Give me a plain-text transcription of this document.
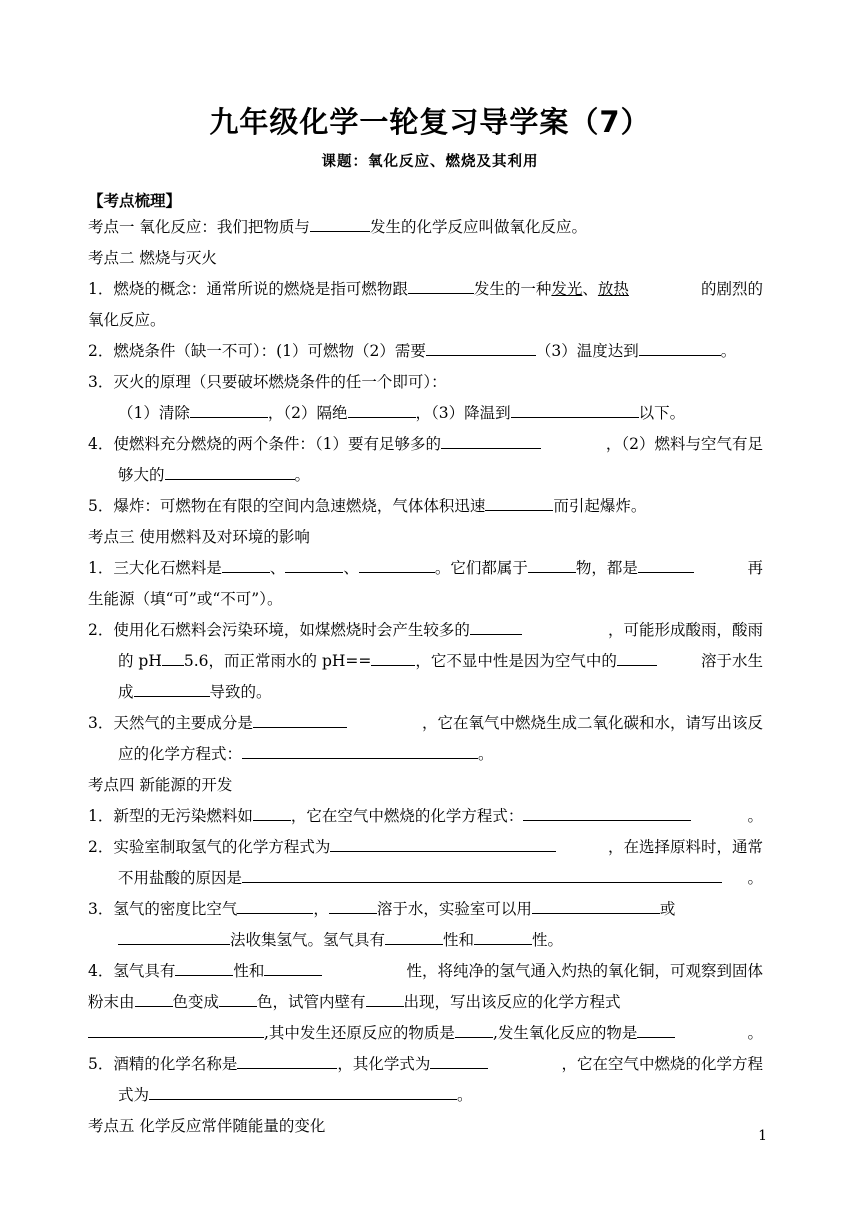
九年级化学一轮复习导学案（7）
课题：氧化反应、燃烧及其利用
【考点梳理】
考点一 氧化反应：我们把物质与	发生的化学反应叫做氧化反应。
考点二 燃烧与灭火
1．燃烧的概念：通常所说的燃烧是指可燃物跟	发生的一种发光、放热	的剧烈的
氧化反应。
2．燃烧条件（缺一不可）：(1）可燃物（2）需要	（3）温度达到	。
3．灭火的原理（只要破坏燃烧条件的任一个即可）：
（1）清除	，（2）隔绝	，（3）降温到	以下。
4．使燃料充分燃烧的两个条件：（1）要有足够多的	，（2）燃料与空气有足
够大的	。
5．爆炸：可燃物在有限的空间内急速燃烧，气体体积迅速	而引起爆炸。
考点三 使用燃料及对环境的影响
1．三大化石燃料是	、	、	。它们都属于	物，都是	再
生能源（填“可”或“不可”）。
2．使用化石燃料会污染环境，如煤燃烧时会产生较多的	，可能形成酸雨，酸雨
的 pH 5.6，而正常雨水的 pH==	，它不显中性是因为空气中的	溶于水生
成	导致的。
3．天然气的主要成分是	，它在氧气中燃烧生成二氧化碳和水，请写出该反
应的化学方程式：	。
考点四 新能源的开发
1．新型的无污染燃料如 ，它在空气中燃烧的化学方程式：	。
2．实验室制取氢气的化学方程式为	，在选择原料时，通常
不用盐酸的原因是	。
3．氢气的密度比空气	，	溶于水，实验室可以用	或
法收集氢气。氢气具有	性和	性。
4．氢气具有	性和	性，将纯净的氢气通入灼热的氧化铜，可观察到固体
粉末由 色变成 色，试管内壁有 出现，写出该反应的化学方程式
,其中发生还原反应的物质是 ,发生氧化反应的物是	。
5．酒精的化学名称是	，其化学式为	，它在空气中燃烧的化学方程
式为	。
考点五 化学反应常伴随能量的变化
1
